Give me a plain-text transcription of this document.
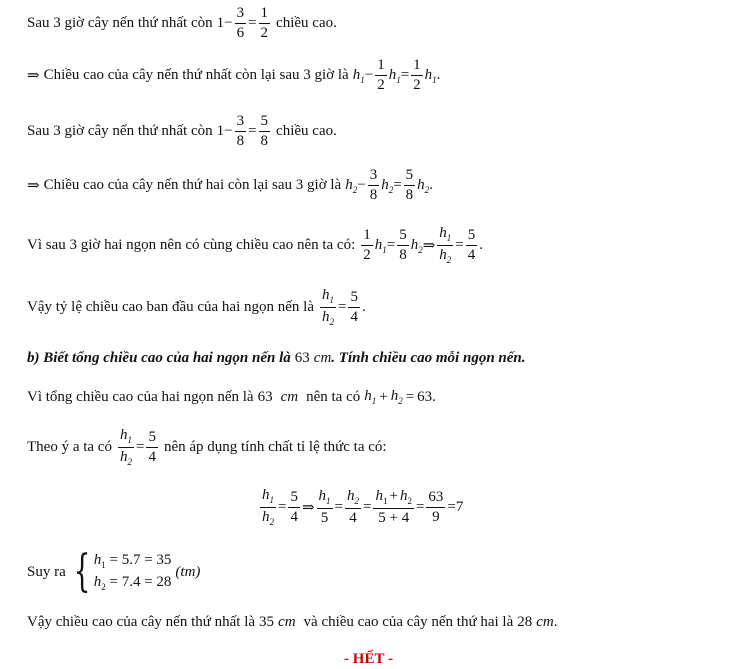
Sau 3 giờ cây nến thứ nhất còn $1 - \frac{3}{6} = \frac{1}{2}$ chiều cao.
⇒ Chiều cao của cây nến thứ nhất còn lại sau 3 giờ là $h_1 - \frac{1}{2} h_1 = \frac{1}{2} h_1$ .
Sau 3 giờ cây nến thứ nhất còn $1 - \frac{3}{8} = \frac{5}{8}$ chiều cao.
⇒ Chiều cao của cây nến thứ hai còn lại sau 3 giờ là $h_2 - \frac{3}{8} h_2 = \frac{5}{8} h_2$ .
Vì sau 3 giờ hai ngọn nên có cùng chiều cao nên ta có: $\frac{1}{2} h_1 = \frac{5}{8} h_2$ ⇒ $\frac{h_1}{h_2} = \frac{5}{4}$ .
Vậy tỷ lệ chiều cao ban đầu của hai ngọn nến là $\frac{h_1}{h_2} = \frac{5}{4}$ .
b) Biết tổng chiều cao của hai ngọn nến là 63 cm . Tính chiều cao mỗi ngọn nến.
Vì tổng chiều cao của hai ngọn nến là 63 cm nên ta có $h_1 + h_2 = 63$ .
Theo ý a ta có $\frac{h_1}{h_2} = \frac{5}{4}$ nên áp dụng tính chất tỉ lệ thức ta có:
$\frac{h_1}{h_2} = \frac{5}{4}$ ⇒ $\frac{h_1}{5} = \frac{h_2}{4} = \frac{h_1 + h_2}{5 + 4} = \frac{63}{9} = 7$
Suy ra { $h_1 = 5.7 = 35$
$h_2 = 7.4 = 28$
(tm)
Vậy chiều cao của cây nến thứ nhất là 35 cm và chiều cao của cây nến thứ hai là 28 cm .
- HẾT -
